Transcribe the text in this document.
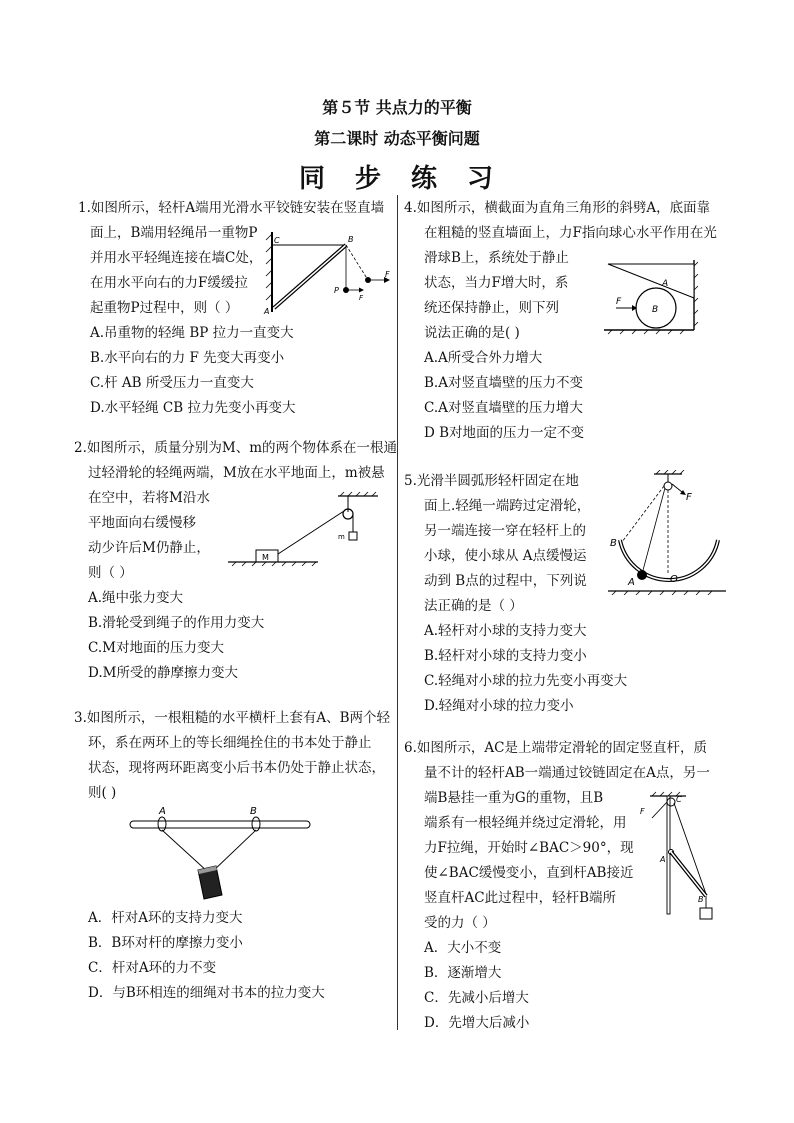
第５节 共点力的平衡
第二课时 动态平衡问题
同步练习
1.如图所示，轻杆A端用光滑水平铰链安装在竖直墙
面上，B端用轻绳吊一重物P
并用水平轻绳连接在墙C处，
在用水平向右的力F缓缓拉
起重物P过程中，则（ ）
A.吊重物的轻绳 BP 拉力一直变大
B.水平向右的力 F 先变大再变小
C.杆 AB 所受压力一直变大
D.水平轻绳 CB 拉力先变小再变大
C	B
A
P
F
F
2.如图所示，质量分别为M、m的两个物体系在一根通
过轻滑轮的轻绳两端，M放在水平地面上，m被悬
在空中，若将M沿水
平地面向右缓慢移
动少许后M仍静止，
则（ ）
A.绳中张力变大
B.滑轮受到绳子的作用力变大
C.M对地面的压力变大
D.M所受的静摩擦力变大
M
m
3.如图所示，一根粗糙的水平横杆上套有A、B两个轻
环，系在两环上的等长细绳拴住的书本处于静止
状态，现将两环距离变小后书本仍处于静止状态，
则( )
A	B
A．杆对A环的支持力变大
B．B环对杆的摩擦力变小
C．杆对A环的力不变
D．与B环相连的细绳对书本的拉力变大
4.如图所示，横截面为直角三角形的斜劈A，底面靠
在粗糙的竖直墙面上，力F指向球心水平作用在光
滑球B上，系统处于静止
状态，当力F增大时，系
统还保持静止，则下列
说法正确的是( )
A.A所受合外力增大
B.A对竖直墙壁的压力不变
C.A对竖直墙壁的压力增大
D B对地面的压力一定不变
A
B
F
5.光滑半圆弧形轻杆固定在地
面上.轻绳一端跨过定滑轮，
另一端连接一穿在轻杆上的
小球，使小球从 A点缓慢运
动到 B点的过程中，下列说
法正确的是（ ）
A.轻杆对小球的支持力变大
B.轻杆对小球的支持力变小
C.轻绳对小球的拉力先变小再变大
D.轻绳对小球的拉力变小
F
B
A	O
6.如图所示，AC是上端带定滑轮的固定竖直杆，质
量不计的轻杆AB一端通过铰链固定在A点，另一
端B悬挂一重为G的重物，且B
端系有一根轻绳并绕过定滑轮，用
力F拉绳，开始时∠BAC＞90°，现
使∠BAC缓慢变小，直到杆AB接近
竖直杆AC此过程中，轻杆B端所
受的力（ ）
A．大小不变
B．逐渐增大
C．先减小后增大
D．先增大后减小
F
C
A
B
